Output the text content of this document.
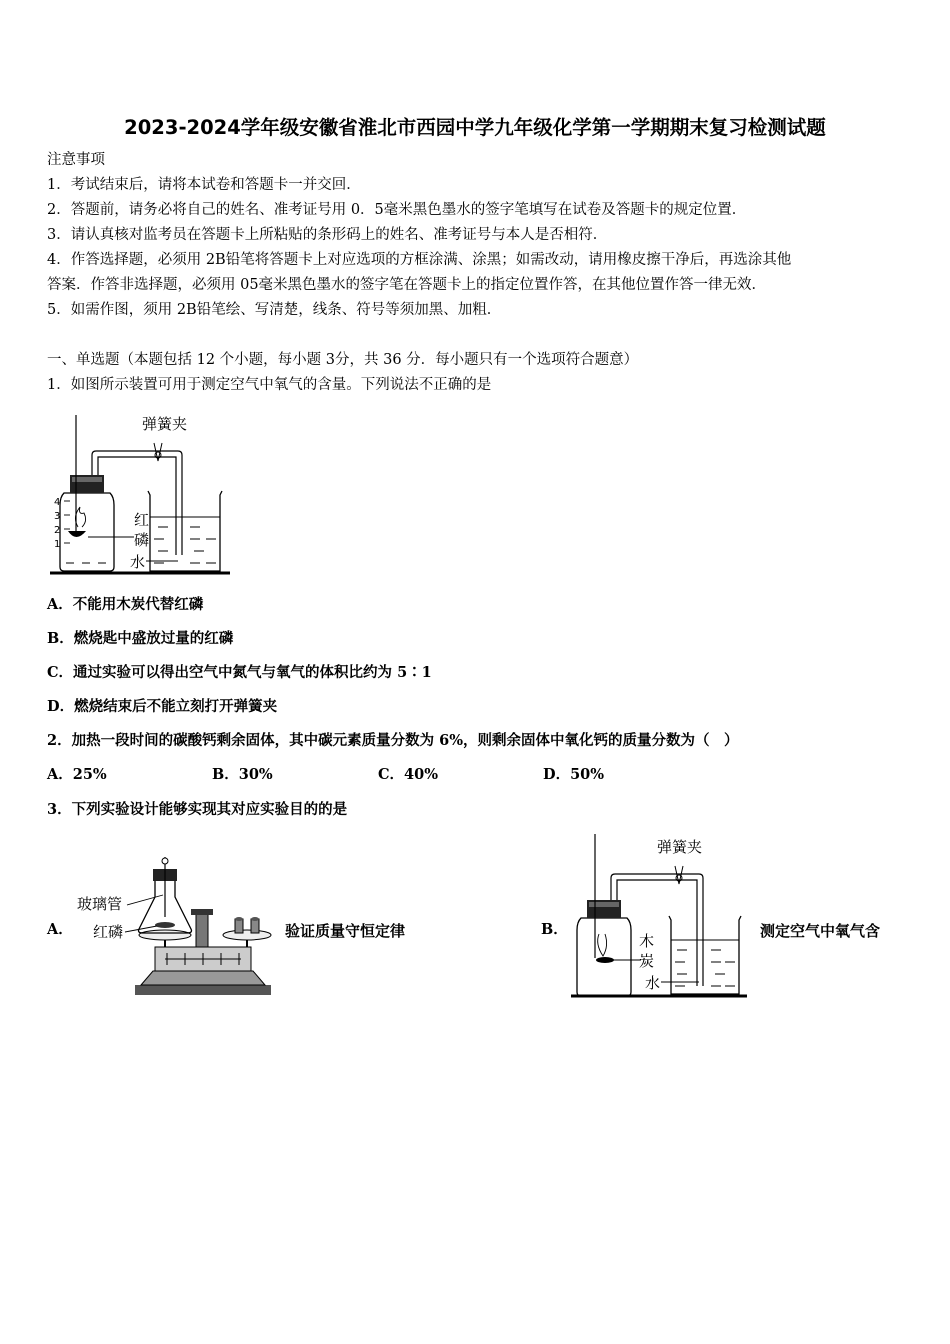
2023-2024学年级安徽省淮北市西园中学九年级化学第一学期期末复习检测试题
注意事项
1．考试结束后，请将本试卷和答题卡一并交回．
2．答题前，请务必将自己的姓名、准考证号用 0．5毫米黑色墨水的签字笔填写在试卷及答题卡的规定位置．
3．请认真核对监考员在答题卡上所粘贴的条形码上的姓名、准考证号与本人是否相符．
4．作答选择题，必须用 2B铅笔将答题卡上对应选项的方框涂满、涂黑；如需改动，请用橡皮擦干净后，再选涂其他
答案．作答非选择题，必须用 05毫米黑色墨水的签字笔在答题卡上的指定位置作答，在其他位置作答一律无效．
5．如需作图，须用 2B铅笔绘、写清楚，线条、符号等须加黑、加粗．
一、单选题（本题包括 12 个小题，每小题 3分，共 36 分．每小题只有一个选项符合题意）
1．如图所示装置可用于测定空气中氧气的含量。下列说法不正确的是
4
3
2
1
弹簧夹
红
磷
水
A．不能用木炭代替红磷
B．燃烧匙中盛放过量的红磷
C．通过实验可以得出空气中氮气与氧气的体积比约为 5∶1
D．燃烧结束后不能立刻打开弹簧夹
2．加热一段时间的碳酸钙剩余固体，其中碳元素质量分数为 6%，则剩余固体中氧化钙的质量分数为（　）
A．25%	B．30%	C．40%	D．50%
3．下列实验设计能够实现其对应实验目的的是
A．
玻璃管
红磷	验证质量守恒定律	B．
弹簧夹
木
炭
水
测定空气中氧气含
